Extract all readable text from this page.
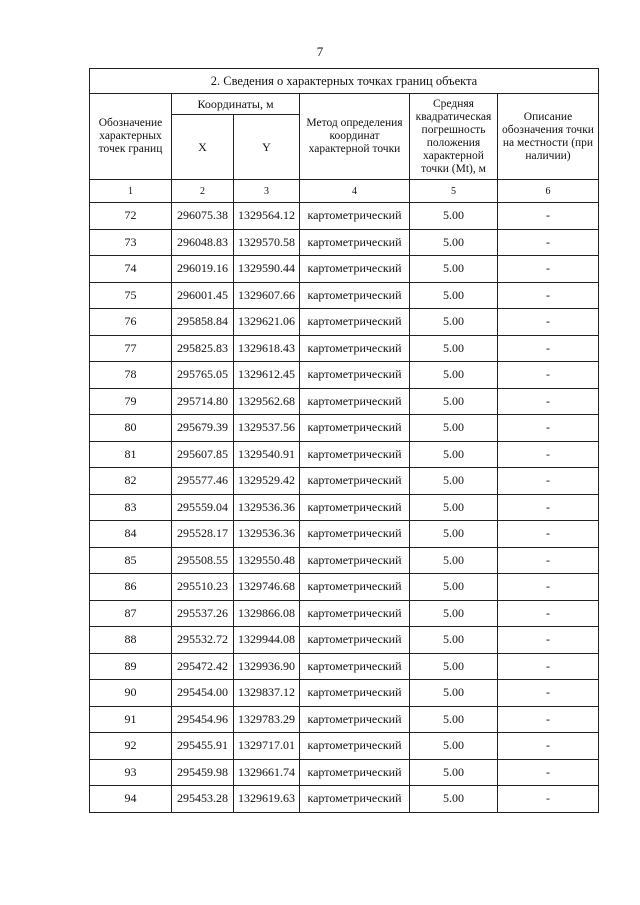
7
2. Сведения о характерных точках границ объекта					
Обозначение характерных точек границ	Координаты, м		Метод определения координат характерной точки	Средняя квадратическая погрешность положения характерной точки (Mt), м	Описание обозначения точки на местности (при наличии)
	X	Y			
1	2	3	4	5	6
72	296075.38	1329564.12	картометрический	5.00	-
73	296048.83	1329570.58	картометрический	5.00	-
74	296019.16	1329590.44	картометрический	5.00	-
75	296001.45	1329607.66	картометрический	5.00	-
76	295858.84	1329621.06	картометрический	5.00	-
77	295825.83	1329618.43	картометрический	5.00	-
78	295765.05	1329612.45	картометрический	5.00	-
79	295714.80	1329562.68	картометрический	5.00	-
80	295679.39	1329537.56	картометрический	5.00	-
81	295607.85	1329540.91	картометрический	5.00	-
82	295577.46	1329529.42	картометрический	5.00	-
83	295559.04	1329536.36	картометрический	5.00	-
84	295528.17	1329536.36	картометрический	5.00	-
85	295508.55	1329550.48	картометрический	5.00	-
86	295510.23	1329746.68	картометрический	5.00	-
87	295537.26	1329866.08	картометрический	5.00	-
88	295532.72	1329944.08	картометрический	5.00	-
89	295472.42	1329936.90	картометрический	5.00	-
90	295454.00	1329837.12	картометрический	5.00	-
91	295454.96	1329783.29	картометрический	5.00	-
92	295455.91	1329717.01	картометрический	5.00	-
93	295459.98	1329661.74	картометрический	5.00	-
94	295453.28	1329619.63	картометрический	5.00	-
